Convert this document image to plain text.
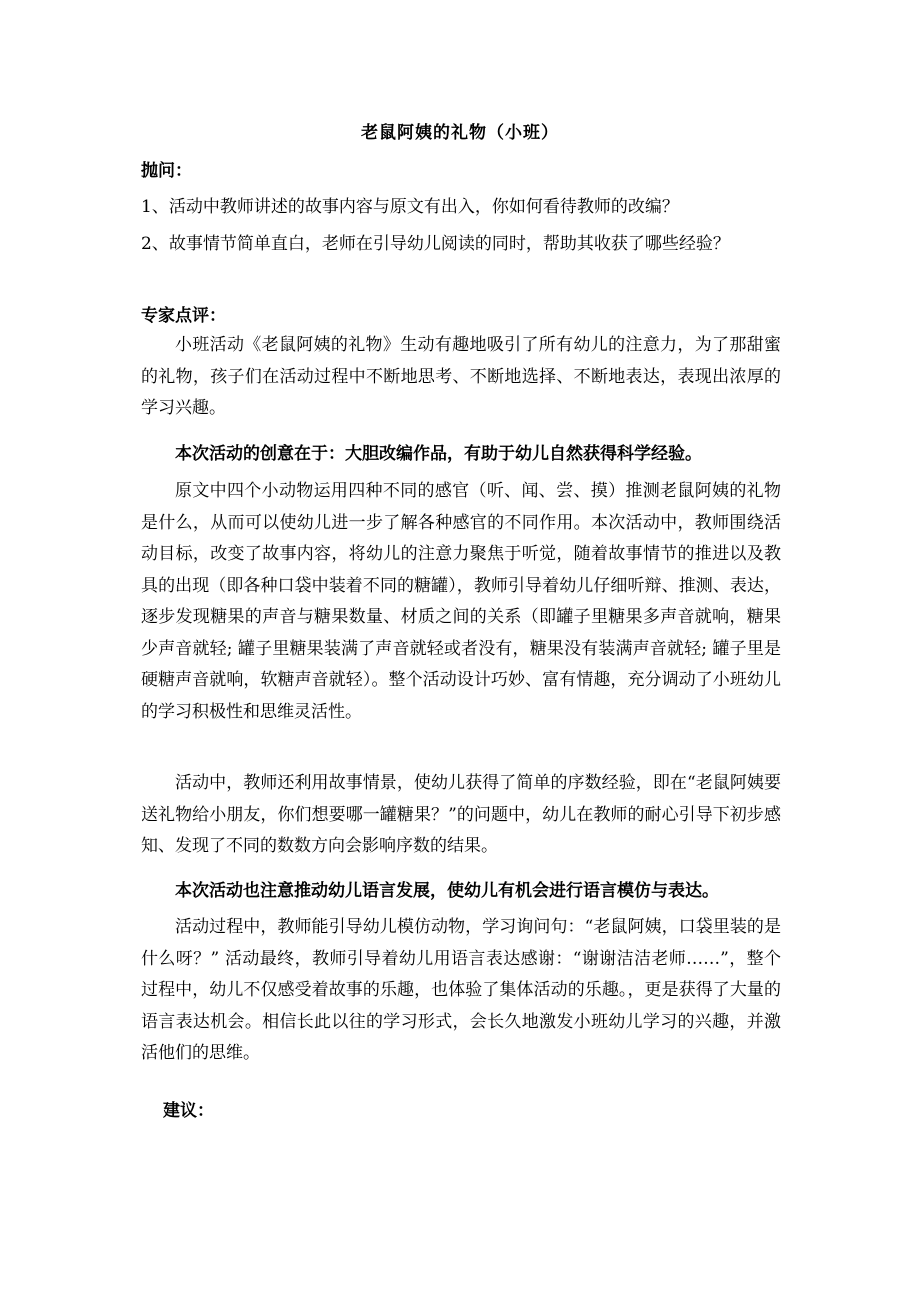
老鼠阿姨的礼物（小班）
抛问：
1、活动中教师讲述的故事内容与原文有出入，你如何看待教师的改编？
2、故事情节简单直白，老师在引导幼儿阅读的同时，帮助其收获了哪些经验？
专家点评：
小班活动《老鼠阿姨的礼物》生动有趣地吸引了所有幼儿的注意力，为了那甜蜜的礼物，孩子们在活动过程中不断地思考、不断地选择、不断地表达，表现出浓厚的学习兴趣。
本次活动的创意在于：大胆改编作品，有助于幼儿自然获得科学经验。
原文中四个小动物运用四种不同的感官（听、闻、尝、摸）推测老鼠阿姨的礼物是什么，从而可以使幼儿进一步了解各种感官的不同作用。本次活动中，教师围绕活动目标，改变了故事内容，将幼儿的注意力聚焦于听觉，随着故事情节的推进以及教具的出现（即各种口袋中装着不同的糖罐），教师引导着幼儿仔细听辩、推测、表达，逐步发现糖果的声音与糖果数量、材质之间的关系（即罐子里糖果多声音就响，糖果少声音就轻; 罐子里糖果装满了声音就轻或者没有，糖果没有装满声音就轻; 罐子里是硬糖声音就响，软糖声音就轻）。整个活动设计巧妙、富有情趣，充分调动了小班幼儿的学习积极性和思维灵活性。
活动中，教师还利用故事情景，使幼儿获得了简单的序数经验，即在“老鼠阿姨要送礼物给小朋友，你们想要哪一罐糖果？”的问题中，幼儿在教师的耐心引导下初步感知、发现了不同的数数方向会影响序数的结果。
本次活动也注意推动幼儿语言发展，使幼儿有机会进行语言模仿与表达。
活动过程中，教师能引导幼儿模仿动物，学习询问句：“老鼠阿姨，口袋里装的是什么呀？” 活动最终，教师引导着幼儿用语言表达感谢：“谢谢洁洁老师……”，整个过程中，幼儿不仅感受着故事的乐趣，也体验了集体活动的乐趣。，更是获得了大量的语言表达机会。相信长此以往的学习形式，会长久地激发小班幼儿学习的兴趣，并激活他们的思维。
建议：
